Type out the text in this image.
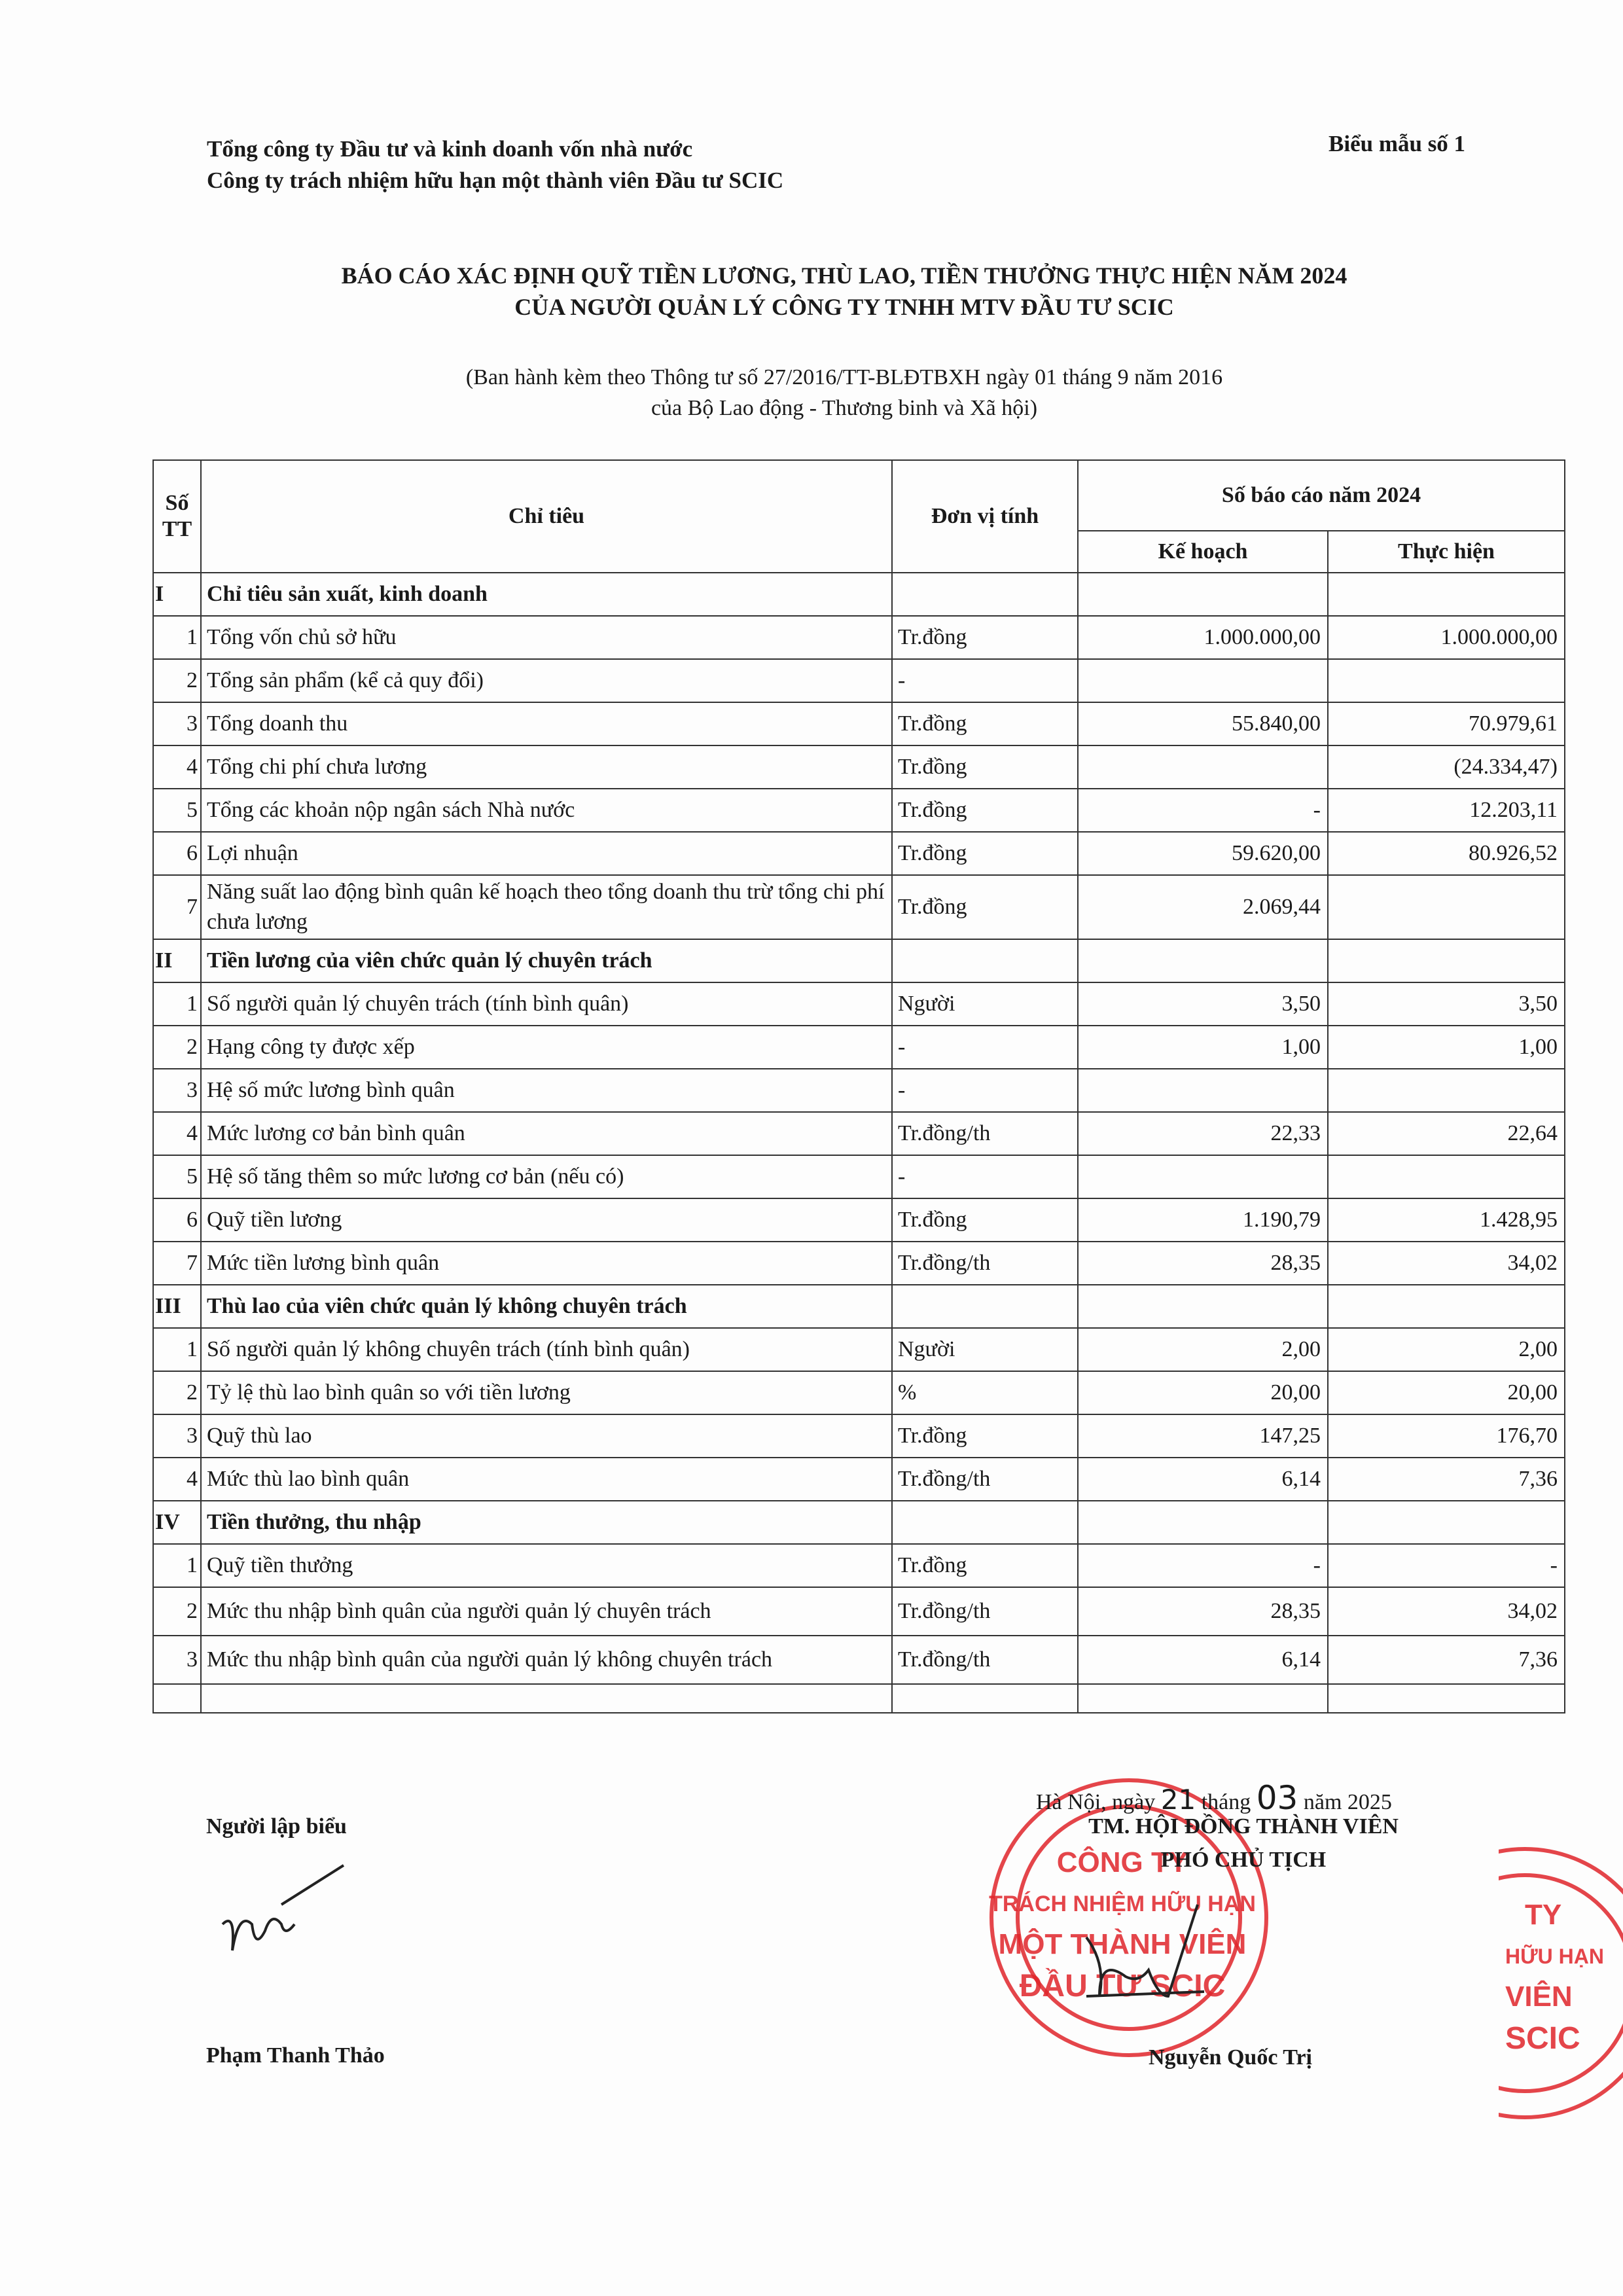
Tổng công ty Đầu tư và kinh doanh vốn nhà nước
Công ty trách nhiệm hữu hạn một thành viên Đầu tư SCIC
Biểu mẫu số 1
BÁO CÁO XÁC ĐỊNH QUỸ TIỀN LƯƠNG, THÙ LAO, TIỀN THƯỞNG THỰC HIỆN NĂM 2024
CỦA NGƯỜI QUẢN LÝ CÔNG TY TNHH MTV ĐẦU TƯ SCIC
(Ban hành kèm theo Thông tư số 27/2016/TT-BLĐTBXH ngày 01 tháng 9 năm 2016
của Bộ Lao động - Thương binh và Xã hội)
Số TT	Chỉ tiêu	Đơn vị tính	Số báo cáo năm 2024	
			Kế hoạch	Thực hiện
I	Chỉ tiêu sản xuất, kinh doanh			
1	Tổng vốn chủ sở hữu	Tr.đồng	1.000.000,00	1.000.000,00
2	Tổng sản phẩm (kể cả quy đổi)	-		
3	Tổng doanh thu	Tr.đồng	55.840,00	70.979,61
4	Tổng chi phí chưa lương	Tr.đồng		(24.334,47)
5	Tổng các khoản nộp ngân sách Nhà nước	Tr.đồng	-	12.203,11
6	Lợi nhuận	Tr.đồng	59.620,00	80.926,52
7	Năng suất lao động bình quân kế hoạch theo tổng doanh thu trừ tổng chi phí chưa lương	Tr.đồng	2.069,44	
II	Tiền lương của viên chức quản lý chuyên trách			
1	Số người quản lý chuyên trách (tính bình quân)	Người	3,50	3,50
2	Hạng công ty được xếp	-	1,00	1,00
3	Hệ số mức lương bình quân	-		
4	Mức lương cơ bản bình quân	Tr.đồng/th	22,33	22,64
5	Hệ số tăng thêm so mức lương cơ bản (nếu có)	-		
6	Quỹ tiền lương	Tr.đồng	1.190,79	1.428,95
7	Mức tiền lương bình quân	Tr.đồng/th	28,35	34,02
III	Thù lao của viên chức quản lý không chuyên trách			
1	Số người quản lý không chuyên trách (tính bình quân)	Người	2,00	2,00
2	Tỷ lệ thù lao bình quân so với tiền lương	%	20,00	20,00
3	Quỹ thù lao	Tr.đồng	147,25	176,70
4	Mức thù lao bình quân	Tr.đồng/th	6,14	7,36
IV	Tiền thưởng, thu nhập			
1	Quỹ tiền thưởng	Tr.đồng	-	-
2	Mức thu nhập bình quân của người quản lý chuyên trách	Tr.đồng/th	28,35	34,02
3	Mức thu nhập bình quân của người quản lý không chuyên trách	Tr.đồng/th	6,14	7,36

Người lập biểu
Phạm Thanh Thảo
CÔNG TY
TRÁCH NHIỆM HỮU HẠN
MỘT THÀNH VIÊN
ĐẦU TƯ SCIC
TY
HỮU HẠN
VIÊN
SCIC
Hà Nội, ngày 21 tháng 03 năm 2025
TM. HỘI ĐỒNG THÀNH VIÊN
PHÓ CHỦ TỊCH
Nguyễn Quốc Trị
